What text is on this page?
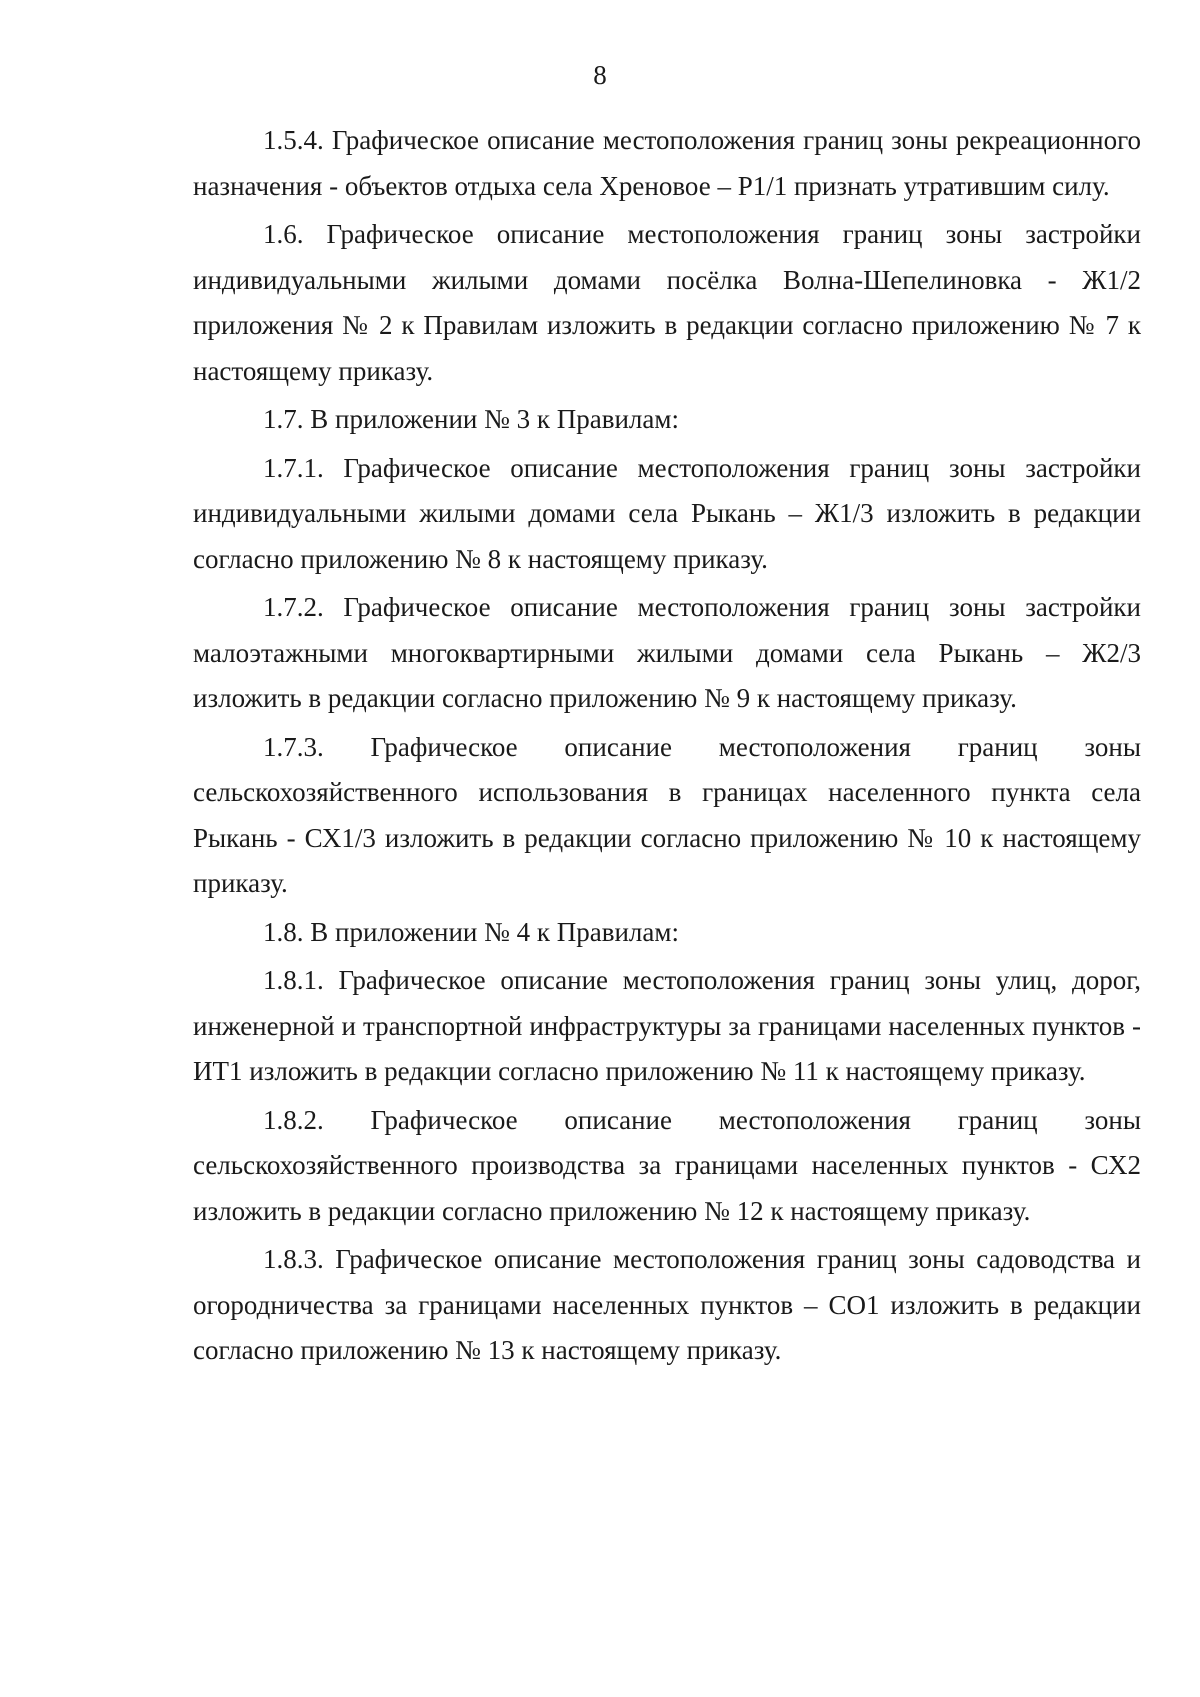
8

1.5.4. Графическое описание местоположения границ зоны рекреационного назначения - объектов отдыха села Хреновое – Р1/1 признать утратившим силу.

1.6. Графическое описание местоположения границ зоны застройки индивидуальными жилыми домами посёлка Волна-Шепелиновка - Ж1/2 приложения № 2 к Правилам изложить в редакции согласно приложению № 7 к настоящему приказу.

1.7. В приложении № 3 к Правилам:

1.7.1. Графическое описание местоположения границ зоны застройки индивидуальными жилыми домами села Рыкань – Ж1/3 изложить в редакции согласно приложению № 8 к настоящему приказу.

1.7.2. Графическое описание местоположения границ зоны застройки малоэтажными многоквартирными жилыми домами села Рыкань – Ж2/3 изложить в редакции согласно приложению № 9 к настоящему приказу.

1.7.3. Графическое описание местоположения границ зоны сельскохозяйственного использования в границах населенного пункта села Рыкань - СХ1/3 изложить в редакции согласно приложению № 10 к настоящему приказу.

1.8. В приложении № 4 к Правилам:

1.8.1. Графическое описание местоположения границ зоны улиц, дорог, инженерной и транспортной инфраструктуры за границами населенных пунктов - ИТ1 изложить в редакции согласно приложению № 11 к настоящему приказу.

1.8.2. Графическое описание местоположения границ зоны сельскохозяйственного производства за границами населенных пунктов - СХ2 изложить в редакции согласно приложению № 12 к настоящему приказу.

1.8.3. Графическое описание местоположения границ зоны садоводства и огородничества за границами населенных пунктов – СО1 изложить в редакции согласно приложению № 13 к настоящему приказу.
